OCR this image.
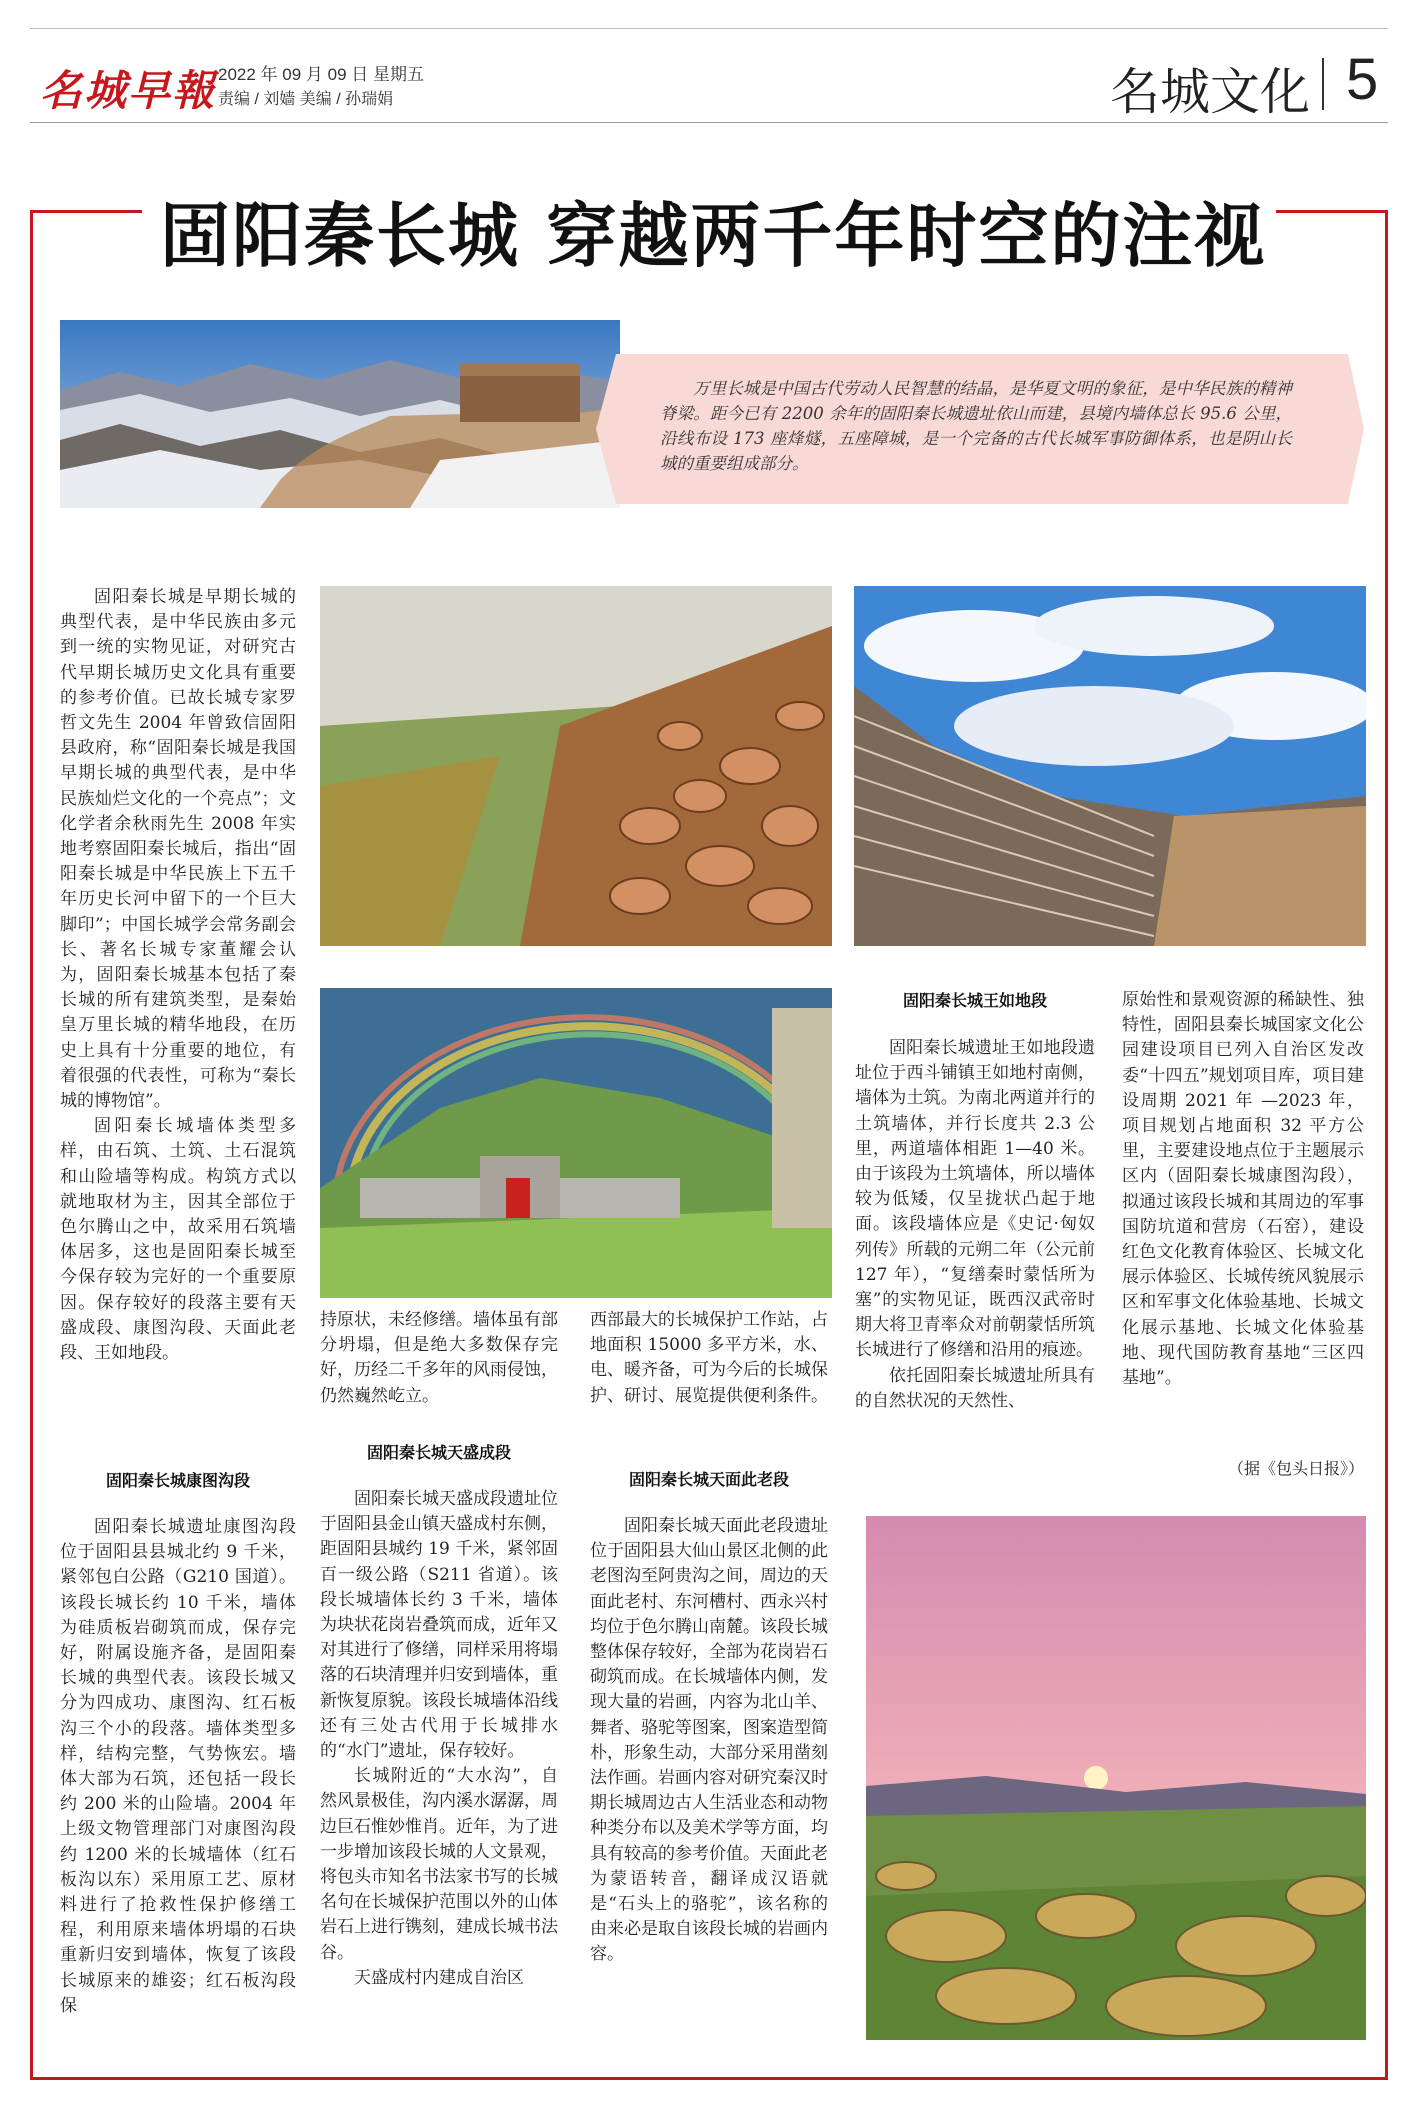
名城早報 2022 年 09 月 09 日 星期五
责编 / 刘嫱 美编 / 孙瑞娟	名城文化 5
固阳秦长城 穿越两千年时空的注视
万里长城是中国古代劳动人民智慧的结晶，是华夏文明的象征，是中华民族的精神脊梁。距今已有 2200 余年的固阳秦长城遗址依山而建，县境内墙体总长 95.6 公里，沿线布设 173 座烽燧，五座障城，是一个完备的古代长城军事防御体系，也是阴山长城的重要组成部分。

固阳秦长城是早期长城的典型代表，是中华民族由多元到一统的实物见证，对研究古代早期长城历史文化具有重要的参考价值。已故长城专家罗哲文先生 2004 年曾致信固阳县政府，称“固阳秦长城是我国早期长城的典型代表，是中华民族灿烂文化的一个亮点”；文化学者余秋雨先生 2008 年实地考察固阳秦长城后，指出“固阳秦长城是中华民族上下五千年历史长河中留下的一个巨大脚印”；中国长城学会常务副会长、著名长城专家董耀会认为，固阳秦长城基本包括了秦长城的所有建筑类型，是秦始皇万里长城的精华地段，在历史上具有十分重要的地位，有着很强的代表性，可称为“秦长城的博物馆”。

固阳秦长城墙体类型多样，由石筑、土筑、土石混筑和山险墙等构成。构筑方式以就地取材为主，因其全部位于色尔腾山之中，故采用石筑墙体居多，这也是固阳秦长城至今保存较为完好的一个重要原因。保存较好的段落主要有天盛成段、康图沟段、天面此老段、王如地段。

固阳秦长城康图沟段

固阳秦长城遗址康图沟段位于固阳县县城北约 9 千米，紧邻包白公路（G210 国道）。该段长城长约 10 千米，墙体为硅质板岩砌筑而成，保存完好，附属设施齐备，是固阳秦长城的典型代表。该段长城又分为四成功、康图沟、红石板沟三个小的段落。墙体类型多样，结构完整，气势恢宏。墙体大部为石筑，还包括一段长约 200 米的山险墙。2004 年上级文物管理部门对康图沟段约 1200 米的长城墙体（红石板沟以东）采用原工艺、原材料进行了抢救性保护修缮工程，利用原来墙体坍塌的石块重新归安到墙体，恢复了该段长城原来的雄姿；红石板沟段保

持原状，未经修缮。墙体虽有部分坍塌，但是绝大多数保存完好，历经二千多年的风雨侵蚀，仍然巍然屹立。

固阳秦长城天盛成段

固阳秦长城天盛成段遗址位于固阳县金山镇天盛成村东侧，距固阳县城约 19 千米，紧邻固百一级公路（S211 省道）。该段长城墙体长约 3 千米，墙体为块状花岗岩叠筑而成，近年又对其进行了修缮，同样采用将塌落的石块清理并归安到墙体，重新恢复原貌。该段长城墙体沿线还有三处古代用于长城排水的“水门”遗址，保存较好。

长城附近的“大水沟”，自然风景极佳，沟内溪水潺潺，周边巨石惟妙惟肖。近年，为了进一步增加该段长城的人文景观，将包头市知名书法家书写的长城名句在长城保护范围以外的山体岩石上进行镌刻，建成长城书法谷。

天盛成村内建成自治区

西部最大的长城保护工作站，占地面积 15000 多平方米，水、电、暖齐备，可为今后的长城保护、研讨、展览提供便利条件。

固阳秦长城天面此老段

固阳秦长城天面此老段遗址位于固阳县大仙山景区北侧的此老图沟至阿贵沟之间，周边的天面此老村、东河槽村、西永兴村均位于色尔腾山南麓。该段长城整体保存较好，全部为花岗岩石砌筑而成。在长城墙体内侧，发现大量的岩画，内容为北山羊、舞者、骆驼等图案，图案造型简朴，形象生动，大部分采用凿刻法作画。岩画内容对研究秦汉时期长城周边古人生活业态和动物种类分布以及美术学等方面，均具有较高的参考价值。天面此老为蒙语转音，翻译成汉语就是“石头上的骆驼”，该名称的由来必是取自该段长城的岩画内容。

固阳秦长城王如地段

固阳秦长城遗址王如地段遗址位于西斗铺镇王如地村南侧，墙体为土筑。为南北两道并行的土筑墙体，并行长度共 2.3 公里，两道墙体相距 1—40 米。由于该段为土筑墙体，所以墙体较为低矮，仅呈拢状凸起于地面。该段墙体应是《史记·匈奴列传》所载的元朔二年（公元前 127 年），“复缮秦时蒙恬所为塞”的实物见证，既西汉武帝时期大将卫青率众对前朝蒙恬所筑长城进行了修缮和沿用的痕迹。

依托固阳秦长城遗址所具有的自然状况的天然性、

原始性和景观资源的稀缺性、独特性，固阳县秦长城国家文化公园建设项目已列入自治区发改委“十四五”规划项目库，项目建设周期 2021 年 —2023 年，项目规划占地面积 32 平方公里，主要建设地点位于主题展示区内（固阳秦长城康图沟段），拟通过该段长城和其周边的军事国防坑道和营房（石窑），建设红色文化教育体验区、长城文化展示体验区、长城传统风貌展示区和军事文化体验基地、长城文化展示基地、长城文化体验基地、现代国防教育基地“三区四基地”。

（据《包头日报》）
